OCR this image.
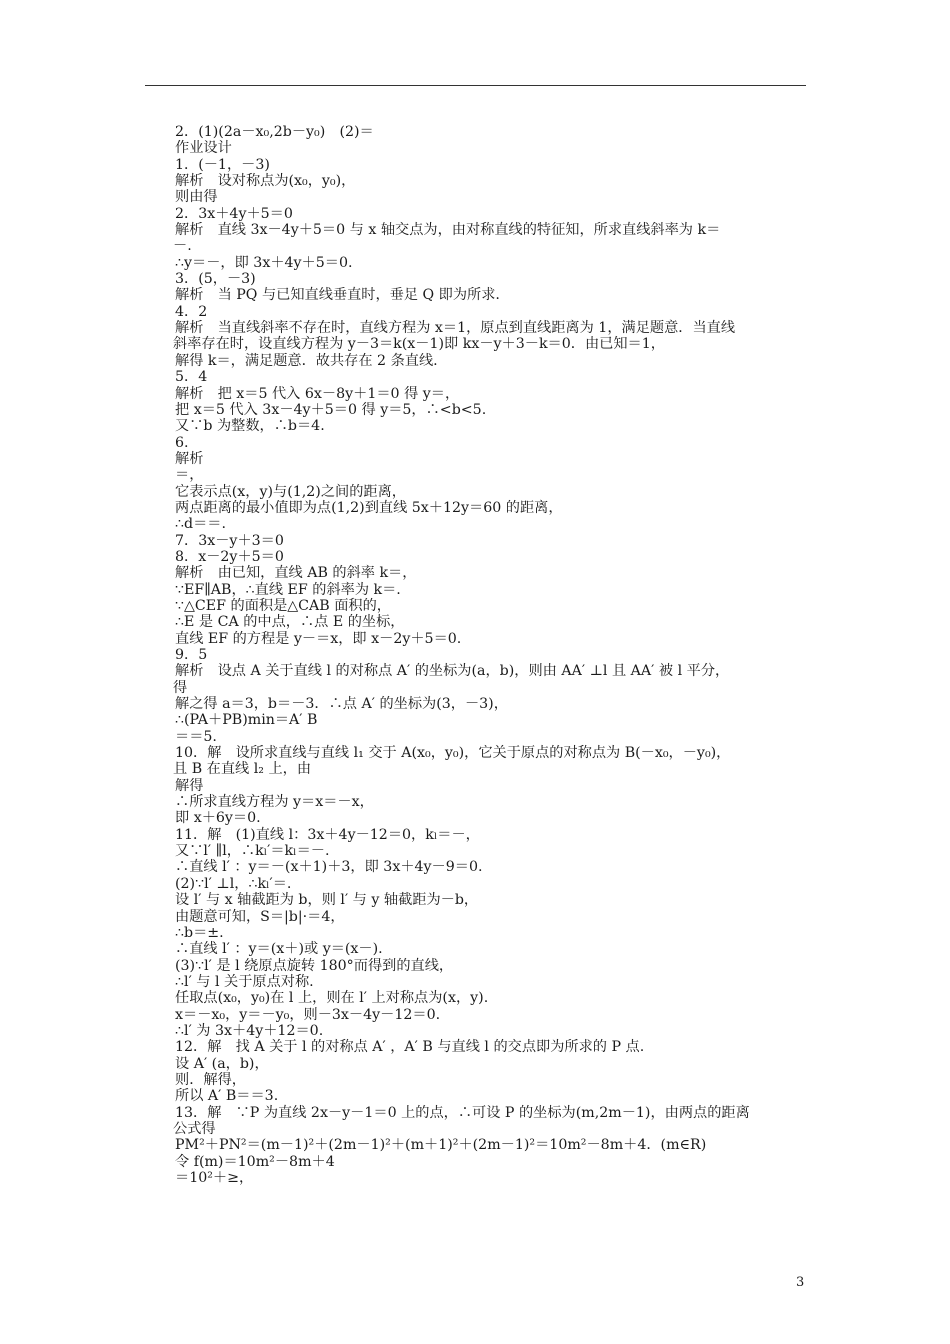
2．(1)(2a－x₀,2b－y₀)　(2)＝
作业设计
1．(－1，－3)
解析　设对称点为(x₀，y₀)，
则由得
2．3x＋4y＋5＝0
解析　直线 3x－4y＋5＝0 与 x 轴交点为，由对称直线的特征知，所求直线斜率为 k＝
－.
∴y＝－，即 3x＋4y＋5＝0.
3．(5，－3)
解析　当 PQ 与已知直线垂直时，垂足 Q 即为所求.
4．2
解析　当直线斜率不存在时，直线方程为 x＝1，原点到直线距离为 1，满足题意．当直线
斜率存在时，设直线方程为 y－3＝k(x－1)即 kx－y＋3－k＝0．由已知＝1，
解得 k＝，满足题意．故共存在 2 条直线.
5．4
解析　把 x＝5 代入 6x－8y＋1＝0 得 y＝，
把 x＝5 代入 3x－4y＋5＝0 得 y＝5，∴<b<5.
又∵b 为整数，∴b＝4.
6.
解析
＝，
它表示点(x，y)与(1,2)之间的距离，
两点距离的最小值即为点(1,2)到直线 5x＋12y＝60 的距离，
∴d＝＝.
7．3x－y＋3＝0
8．x－2y＋5＝0
解析　由已知，直线 AB 的斜率 k＝，
∵EF∥AB，∴直线 EF 的斜率为 k＝.
∵△CEF 的面积是△CAB 面积的，
∴E 是 CA 的中点，∴点 E 的坐标，
直线 EF 的方程是 y－＝x，即 x－2y＋5＝0.
9．5
解析　设点 A 关于直线 l 的对称点 A′ 的坐标为(a，b)，则由 AA′ ⊥l 且 AA′ 被 l 平分，
得
解之得 a＝3，b＝－3．∴点 A′ 的坐标为(3，－3)，
∴(PA＋PB)min＝A′ B
＝＝5.
10．解　设所求直线与直线 l₁ 交于 A(x₀，y₀)，它关于原点的对称点为 B(－x₀，－y₀)，
且 B 在直线 l₂ 上，由
解得
∴所求直线方程为 y＝x＝－x，
即 x＋6y＝0.
11．解　(1)直线 l：3x＋4y－12＝0，kₗ＝－，
又∵l′ ∥l，∴kₗ′＝kₗ＝－.
∴直线 l′ ：y＝－(x＋1)＋3，即 3x＋4y－9＝0.
(2)∵l′ ⊥l，∴kₗ′＝.
设 l′ 与 x 轴截距为 b，则 l′ 与 y 轴截距为－b，
由题意可知，S＝|b|·＝4，
∴b＝±.
∴直线 l′ ：y＝(x＋)或 y＝(x－).
(3)∵l′ 是 l 绕原点旋转 180°而得到的直线，
∴l′ 与 l 关于原点对称.
任取点(x₀，y₀)在 l 上，则在 l′ 上对称点为(x，y).
x＝－x₀，y＝－y₀，则－3x－4y－12＝0.
∴l′ 为 3x＋4y＋12＝0.
12．解　找 A 关于 l 的对称点 A′ ，A′ B 与直线 l 的交点即为所求的 P 点.
设 A′ (a，b)，
则．解得，
所以 A′ B＝＝3.
13．解　∵P 为直线 2x－y－1＝0 上的点，∴可设 P 的坐标为(m,2m－1)，由两点的距离
公式得
PM²＋PN²＝(m－1)²＋(2m－1)²＋(m＋1)²＋(2m－1)²＝10m²－8m＋4．(m∈R)
令 f(m)＝10m²－8m＋4
＝10²＋≥，
3
